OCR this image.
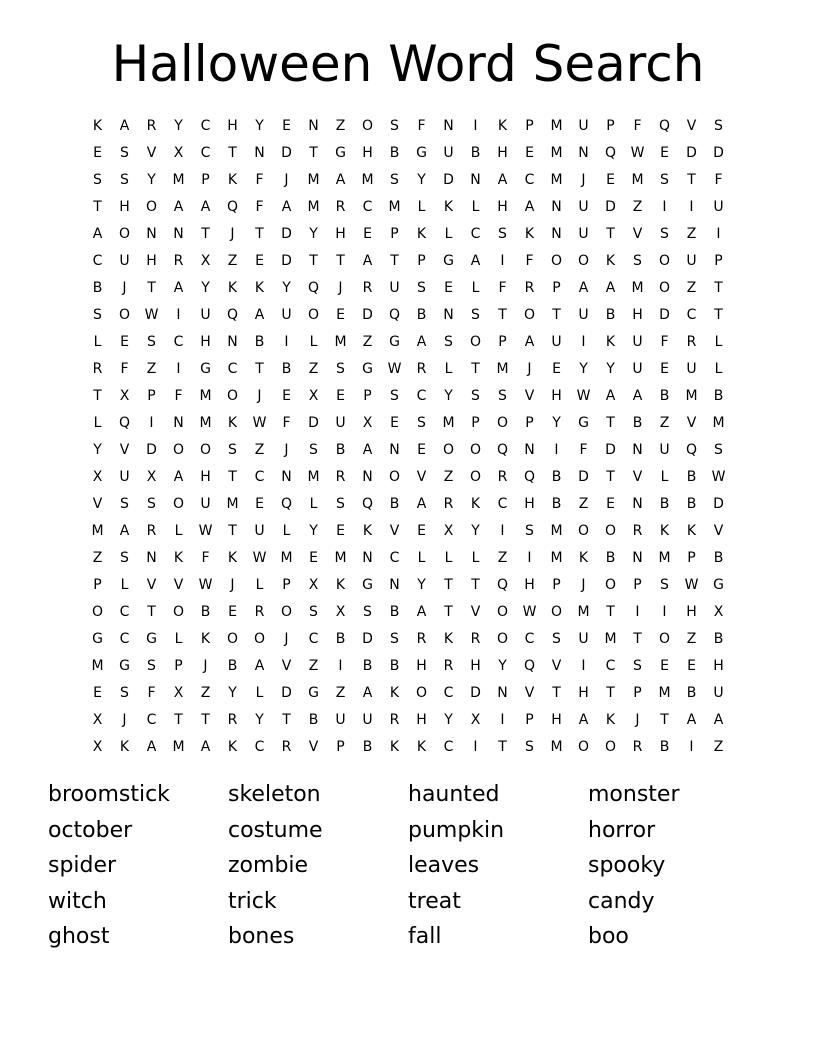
Halloween Word Search
K	A	R	Y	C	H	Y	E	N	Z	O	S	F	N	I	K	P	M	U	P	F	Q	V	S
E	S	V	X	C	T	N	D	T	G	H	B	G	U	B	H	E	M	N	Q	W	E	D	D
S	S	Y	M	P	K	F	J	M	A	M	S	Y	D	N	A	C	M	J	E	M	S	T	F
T	H	O	A	A	Q	F	A	M	R	C	M	L	K	L	H	A	N	U	D	Z	I	I	U
A	O	N	N	T	J	T	D	Y	H	E	P	K	L	C	S	K	N	U	T	V	S	Z	I
C	U	H	R	X	Z	E	D	T	T	A	T	P	G	A	I	F	O	O	K	S	O	U	P
B	J	T	A	Y	K	K	Y	Q	J	R	U	S	E	L	F	R	P	A	A	M	O	Z	T
S	O	W	I	U	Q	A	U	O	E	D	Q	B	N	S	T	O	T	U	B	H	D	C	T
L	E	S	C	H	N	B	I	L	M	Z	G	A	S	O	P	A	U	I	K	U	F	R	L
R	F	Z	I	G	C	T	B	Z	S	G	W	R	L	T	M	J	E	Y	Y	U	E	U	L
T	X	P	F	M	O	J	E	X	E	P	S	C	Y	S	S	V	H	W	A	A	B	M	B
L	Q	I	N	M	K	W	F	D	U	X	E	S	M	P	O	P	Y	G	T	B	Z	V	M
Y	V	D	O	O	S	Z	J	S	B	A	N	E	O	O	Q	N	I	F	D	N	U	Q	S
X	U	X	A	H	T	C	N	M	R	N	O	V	Z	O	R	Q	B	D	T	V	L	B	W
V	S	S	O	U	M	E	Q	L	S	Q	B	A	R	K	C	H	B	Z	E	N	B	B	D
M	A	R	L	W	T	U	L	Y	E	K	V	E	X	Y	I	S	M	O	O	R	K	K	V
Z	S	N	K	F	K	W	M	E	M	N	C	L	L	L	Z	I	M	K	B	N	M	P	B
P	L	V	V	W	J	L	P	X	K	G	N	Y	T	T	Q	H	P	J	O	P	S	W	G
O	C	T	O	B	E	R	O	S	X	S	B	A	T	V	O	W	O	M	T	I	I	H	X
G	C	G	L	K	O	O	J	C	B	D	S	R	K	R	O	C	S	U	M	T	O	Z	B
M	G	S	P	J	B	A	V	Z	I	B	B	H	R	H	Y	Q	V	I	C	S	E	E	H
E	S	F	X	Z	Y	L	D	G	Z	A	K	O	C	D	N	V	T	H	T	P	M	B	U
X	J	C	T	T	R	Y	T	B	U	U	R	H	Y	X	I	P	H	A	K	J	T	A	A
X	K	A	M	A	K	C	R	V	P	B	K	K	C	I	T	S	M	O	O	R	B	I	Z
broomstick	skeleton	haunted	monster
october	costume	pumpkin	horror
spider	zombie	leaves	spooky
witch	trick	treat	candy
ghost	bones	fall	boo
